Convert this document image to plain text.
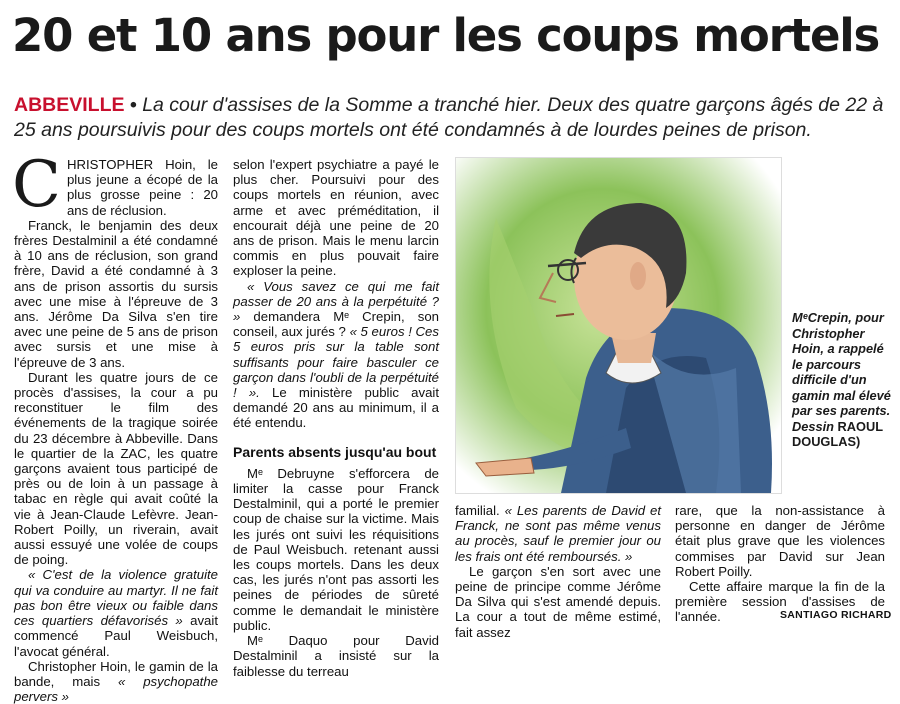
20 et 10 ans pour les coups mortels
ABBEVILLE • La cour d'assises de la Somme a tranché hier. Deux des quatre garçons âgés de 22 à 25 ans poursuivis pour des coups mortels ont été condamnés à de lourdes peines de prison.
C HRISTOPHER Hoin, le plus jeune a écopé de la plus grosse peine : 20 ans de réclusion.

Franck, le benjamin des deux frères Destalminil a été condamné à 10 ans de réclusion, son grand frère, David a été condamné à 3 ans de prison assortis du sursis avec une mise à l'épreuve de 3 ans. Jérôme Da Silva s'en tire avec une peine de 5 ans de prison avec sursis et une mise à l'épreuve de 3 ans.

Durant les quatre jours de ce procès d'assises, la cour a pu reconstituer le film des événements de la tragique soirée du 23 décembre à Abbeville. Dans le quartier de la ZAC, les quatre garçons avaient tous participé de près ou de loin à un passage à tabac en règle qui avait coûté la vie à Jean-Claude Lefèvre. Jean-Robert Poilly, un riverain, avait aussi essuyé une volée de coups de poing.

« C'est de la violence gratuite qui va conduire au martyr. Il ne fait pas bon être vieux ou faible dans ces quartiers défavorisés » avait commencé Paul Weisbuch, l'avocat général.

Christopher Hoin, le gamin de la bande, mais « psychopathe pervers »

selon l'expert psychiatre a payé le plus cher. Poursuivi pour des coups mortels en réunion, avec arme et avec préméditation, il encourait déjà une peine de 20 ans de prison. Mais le menu larcin commis en plus pouvait faire exploser la peine.

« Vous savez ce qui me fait passer de 20 ans à la perpétuité ? » demandera Mᵉ Crepin, son conseil, aux jurés ? « 5 euros ! Ces 5 euros pris sur la table sont suffisants pour faire basculer ce garçon dans l'oubli de la perpétuité ! ». Le ministère public avait demandé 20 ans au minimum, il a été entendu.

Parents absents jusqu'au bout

Mᵉ Debruyne s'efforcera de limiter la casse pour Franck Destalminil, qui a porté le premier coup de chaise sur la victime. Mais les jurés ont suivi les réquisitions de Paul Weisbuch. retenant aussi les coups mortels. Dans les deux cas, les jurés n'ont pas assorti les peines de périodes de sûreté comme le demandait le ministère public.

Mᵉ Daquo pour David Destalminil a insisté sur la faiblesse du terreau

MᵉCrepin, pour Christopher Hoin, a rappelé le parcours difficile d'un gamin mal élevé par ses parents. Dessin RAOUL DOUGLAS)

familial. « Les parents de David et Franck, ne sont pas même venus au procès, sauf le premier jour ou les frais ont été remboursés. »

Le garçon s'en sort avec une peine de principe comme Jérôme Da Silva qui s'est amendé depuis. La cour a tout de même estimé, fait assez

rare, que la non-assistance à personne en danger de Jérôme était plus grave que les violences commises par David sur Jean Robert Poilly.

Cette affaire marque la fin de la première session d'assises de l'année.	SANTIAGO RICHARD
